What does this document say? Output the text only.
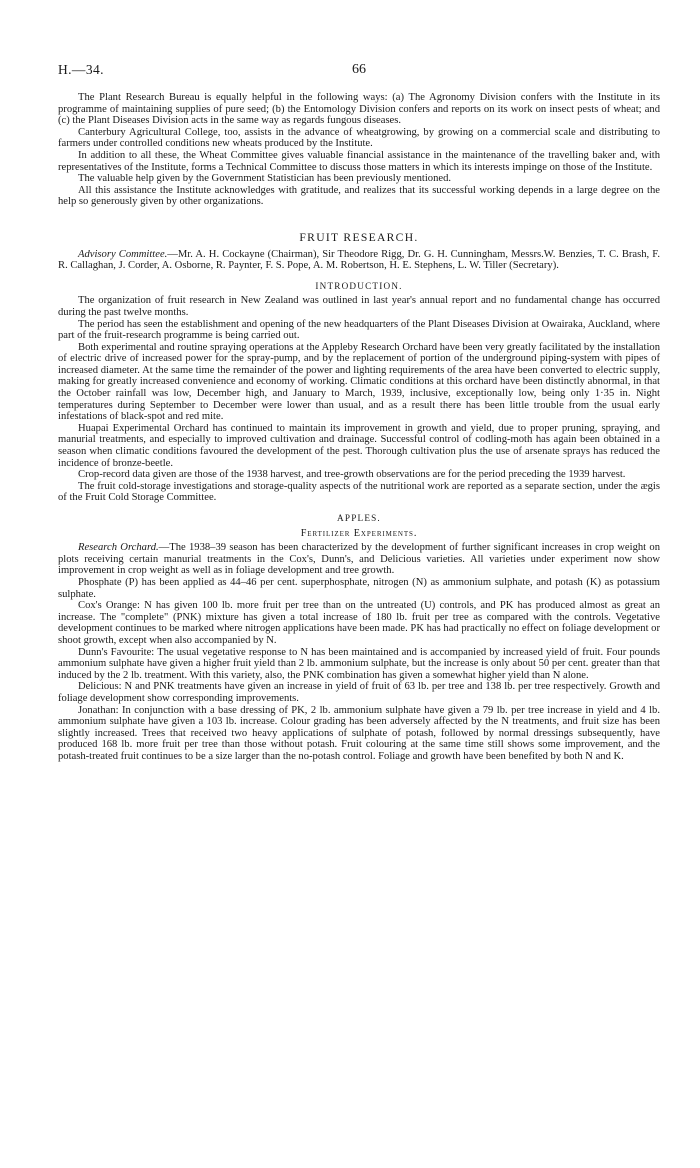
H.—34.	66

The Plant Research Bureau is equally helpful in the following ways: (a) The Agronomy Division confers with the Institute in its programme of maintaining supplies of pure seed; (b) the Entomology Division confers and reports on its work on insect pests of wheat; and (c) the Plant Diseases Division acts in the same way as regards fungous diseases.

Canterbury Agricultural College, too, assists in the advance of wheatgrowing, by growing on a commercial scale and distributing to farmers under controlled conditions new wheats produced by the Institute.

In addition to all these, the Wheat Committee gives valuable financial assistance in the maintenance of the travelling baker and, with representatives of the Institute, forms a Technical Committee to discuss those matters in which its interests impinge on those of the Institute.

The valuable help given by the Government Statistician has been previously mentioned.

All this assistance the Institute acknowledges with gratitude, and realizes that its successful working depends in a large degree on the help so generously given by other organizations.

FRUIT RESEARCH.

Advisory Committee.—Mr. A. H. Cockayne (Chairman), Sir Theodore Rigg, Dr. G. H. Cunningham, Messrs.W. Benzies, T. C. Brash, F. R. Callaghan, J. Corder, A. Osborne, R. Paynter, F. S. Pope, A. M. Robertson, H. E. Stephens, L. W. Tiller (Secretary).

INTRODUCTION.

The organization of fruit research in New Zealand was outlined in last year's annual report and no fundamental change has occurred during the past twelve months.

The period has seen the establishment and opening of the new headquarters of the Plant Diseases Division at Owairaka, Auckland, where part of the fruit-research programme is being carried out.

Both experimental and routine spraying operations at the Appleby Research Orchard have been very greatly facilitated by the installation of electric drive of increased power for the spray-pump, and by the replacement of portion of the underground piping-system with pipes of increased diameter. At the same time the remainder of the power and lighting requirements of the area have been converted to electric supply, making for greatly increased convenience and economy of working. Climatic conditions at this orchard have been distinctly abnormal, in that the October rainfall was low, December high, and January to March, 1939, inclusive, exceptionally low, being only 1·35 in. Night temperatures during September to December were lower than usual, and as a result there has been little trouble from the usual early infestations of black-spot and red mite.

Huapai Experimental Orchard has continued to maintain its improvement in growth and yield, due to proper pruning, spraying, and manurial treatments, and especially to improved cultivation and drainage. Successful control of codling-moth has again been obtained in a season when climatic conditions favoured the development of the pest. Thorough cultivation plus the use of arsenate sprays has reduced the incidence of bronze-beetle.

Crop-record data given are those of the 1938 harvest, and tree-growth observations are for the period preceding the 1939 harvest.

The fruit cold-storage investigations and storage-quality aspects of the nutritional work are reported as a separate section, under the ægis of the Fruit Cold Storage Committee.

APPLES.
Fertilizer Experiments.

Research Orchard.—The 1938–39 season has been characterized by the development of further significant increases in crop weight on plots receiving certain manurial treatments in the Cox's, Dunn's, and Delicious varieties. All varieties under experiment now show improvement in crop weight as well as in foliage development and tree growth.

Phosphate (P) has been applied as 44–46 per cent. superphosphate, nitrogen (N) as ammonium sulphate, and potash (K) as potassium sulphate.

Cox's Orange: N has given 100 lb. more fruit per tree than on the untreated (U) controls, and PK has produced almost as great an increase. The "complete" (PNK) mixture has given a total increase of 180 lb. fruit per tree as compared with the controls. Vegetative development continues to be marked where nitrogen applications have been made. PK has had practically no effect on foliage development or shoot growth, except when also accompanied by N.

Dunn's Favourite: The usual vegetative response to N has been maintained and is accompanied by increased yield of fruit. Four pounds ammonium sulphate have given a higher fruit yield than 2 lb. ammonium sulphate, but the increase is only about 50 per cent. greater than that induced by the 2 lb. treatment. With this variety, also, the PNK combination has given a somewhat higher yield than N alone.

Delicious: N and PNK treatments have given an increase in yield of fruit of 63 lb. per tree and 138 lb. per tree respectively. Growth and foliage development show corresponding improvements.

Jonathan: In conjunction with a base dressing of PK, 2 lb. ammonium sulphate have given a 79 lb. per tree increase in yield and 4 lb. ammonium sulphate have given a 103 lb. increase. Colour grading has been adversely affected by the N treatments, and fruit size has been slightly increased. Trees that received two heavy applications of sulphate of potash, followed by normal dressings subsequently, have produced 168 lb. more fruit per tree than those without potash. Fruit colouring at the same time still shows some improvement, and the potash-treated fruit continues to be a size larger than the no-potash control. Foliage and growth have been benefited by both N and K.
